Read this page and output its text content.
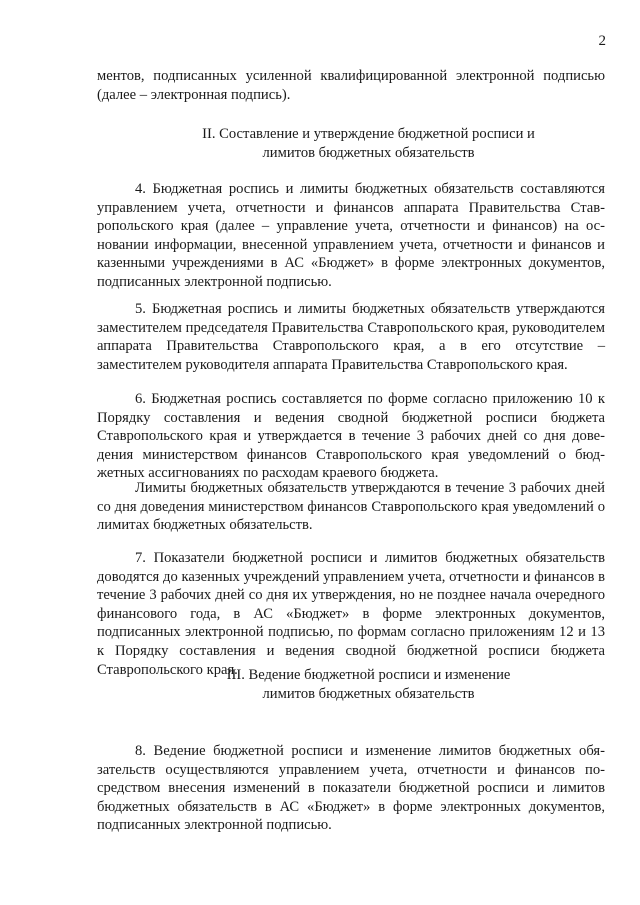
2

ментов, подписанных усиленной квалифицированной электронной подписью (далее – электронная подпись).

II. Составление и утверждение бюджетной росписи и
лимитов бюджетных обязательств

4. Бюджетная роспись и лимиты бюджетных обязательств составляются управлением учета, отчетности и финансов аппарата Правительства Ставропольского края (далее – управление учета, отчетности и финансов) на основании информации, внесенной управлением учета, отчетности и финансов и казенными учреждениями в АС «Бюджет» в форме электронных документов, подписанных электронной подписью.

5. Бюджетная роспись и лимиты бюджетных обязательств утверждаются заместителем председателя Правительства Ставропольского края, руководителем аппарата Правительства Ставропольского края, а в его отсутствие – заместителем руководителя аппарата Правительства Ставропольского края.

6. Бюджетная роспись составляется по форме согласно приложению 10 к Порядку составления и ведения сводной бюджетной росписи бюджета Ставропольского края и утверждается в течение 3 рабочих дней со дня доведения министерством финансов Ставропольского края уведомлений о бюджетных ассигнованиях по расходам краевого бюджета.

Лимиты бюджетных обязательств утверждаются в течение 3 рабочих дней со дня доведения министерством финансов Ставропольского края уведомлений о лимитах бюджетных обязательств.

7. Показатели бюджетной росписи и лимитов бюджетных обязательств доводятся до казенных учреждений управлением учета, отчетности и финансов в течение 3 рабочих дней со дня их утверждения, но не позднее начала очередного финансового года, в АС «Бюджет» в форме электронных документов, подписанных электронной подписью, по формам согласно приложениям 12 и 13 к Порядку составления и ведения сводной бюджетной росписи бюджета Ставропольского края.

III. Ведение бюджетной росписи и изменение
лимитов бюджетных обязательств

8. Ведение бюджетной росписи и изменение лимитов бюджетных обязательств осуществляются управлением учета, отчетности и финансов посредством внесения изменений в показатели бюджетной росписи и лимитов бюджетных обязательств в АС «Бюджет» в форме электронных документов, подписанных электронной подписью.
